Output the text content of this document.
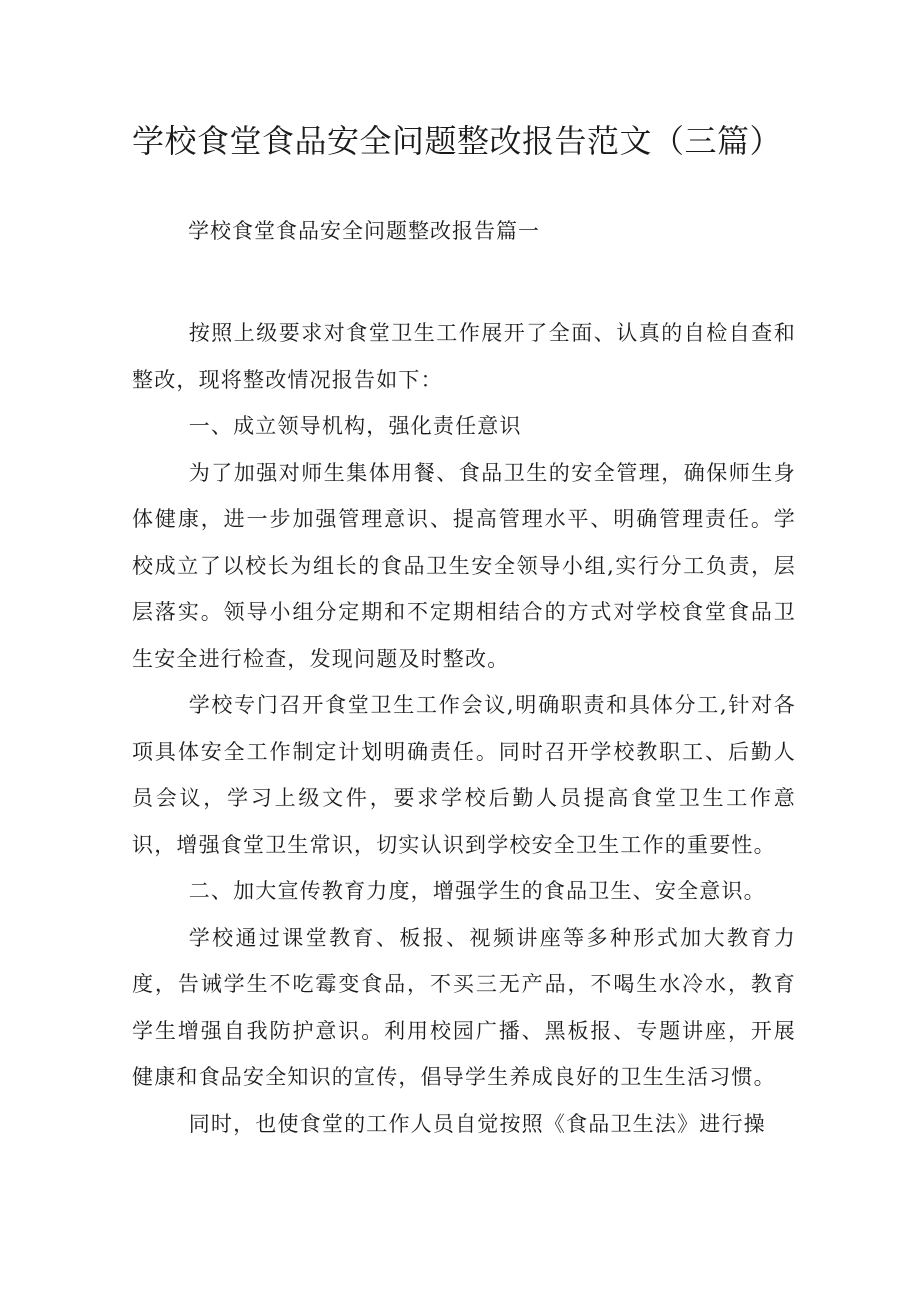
学校食堂食品安全问题整改报告范文（三篇）

学校食堂食品安全问题整改报告篇一

按照上级要求对食堂卫生工作展开了全面、认真的自检自查和整改，现将整改情况报告如下：

一、成立领导机构，强化责任意识

为了加强对师生集体用餐、食品卫生的安全管理，确保师生身体健康，进一步加强管理意识、提高管理水平、明确管理责任。学校成立了以校长为组长的食品卫生安全领导小组,实行分工负责，层层落实。领导小组分定期和不定期相结合的方式对学校食堂食品卫生安全进行检查，发现问题及时整改。

学校专门召开食堂卫生工作会议,明确职责和具体分工,针对各项具体安全工作制定计划明确责任。同时召开学校教职工、后勤人员会议，学习上级文件，要求学校后勤人员提高食堂卫生工作意识，增强食堂卫生常识，切实认识到学校安全卫生工作的重要性。

二、加大宣传教育力度，增强学生的食品卫生、安全意识。

学校通过课堂教育、板报、视频讲座等多种形式加大教育力度，告诫学生不吃霉变食品，不买三无产品，不喝生水冷水，教育学生增强自我防护意识。利用校园广播、黑板报、专题讲座，开展健康和食品安全知识的宣传，倡导学生养成良好的卫生生活习惯。

同时，也使食堂的工作人员自觉按照《食品卫生法》进行操
